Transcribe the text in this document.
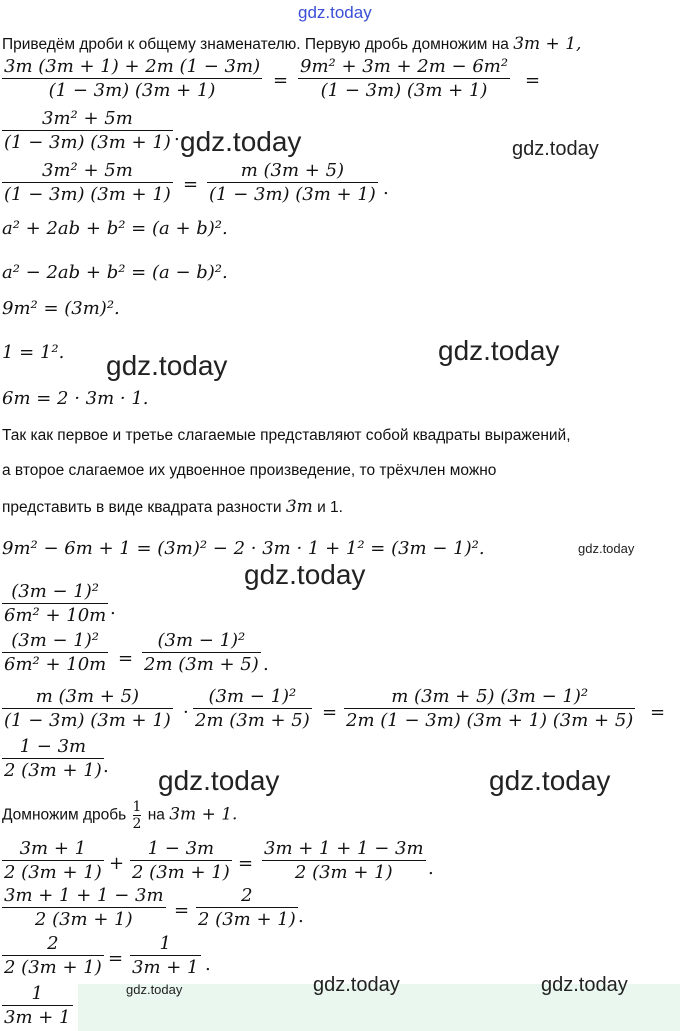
gdz.today
gdz.today	gdz.today
gdz.today
gdz.today
gdz.today
gdz.today
gdz.today	gdz.today
gdz.today	gdz.today	gdz.today
Приведём дроби к общему знаменателю. Первую дробь домножим на 3m + 1,
3m (3m + 1) + 2m (1 − 3m)
(1 − 3m) (3m + 1)	=
9m² + 3m + 2m − 6m²
(1 − 3m) (3m + 1)	=
3m² + 5m
(1 − 3m) (3m + 1) .
3m² + 5m
(1 − 3m) (3m + 1) =
m (3m + 5)
(1 − 3m) (3m + 1) .
a² + 2ab + b² = (a + b)².
a² − 2ab + b² = (a − b)².
9m² = (3m)².
1 = 1².
6m = 2 · 3m · 1.
Так как первое и третье слагаемые представляют собой квадраты выражений,
а второе слагаемое их удвоенное произведение, то трёхчлен можно
представить в виде квадрата разности 3m и 1.
9m² − 6m + 1 = (3m)² − 2 · 3m · 1 + 1² = (3m − 1)².
(3m − 1)²
6m² + 10m .
(3m − 1)²
6m² + 10m =
(3m − 1)²
2m (3m + 5) .
m (3m + 5)
(1 − 3m) (3m + 1) ·
(3m − 1)²
2m (3m + 5) =
m (3m + 5) (3m − 1)²
2m (1 − 3m) (3m + 1) (3m + 5) =
1 − 3m
2 (3m + 1) .
Домножим дробь $\frac{1}{2}$ на 3m + 1.
3m + 1
2 (3m + 1) +
1 − 3m
2 (3m + 1) =
3m + 1 + 1 − 3m
2 (3m + 1)	.
3m + 1 + 1 − 3m
2 (3m + 1)	=
2
2 (3m + 1) .
2
2 (3m + 1) =
1
3m + 1 .
1
3m + 1
